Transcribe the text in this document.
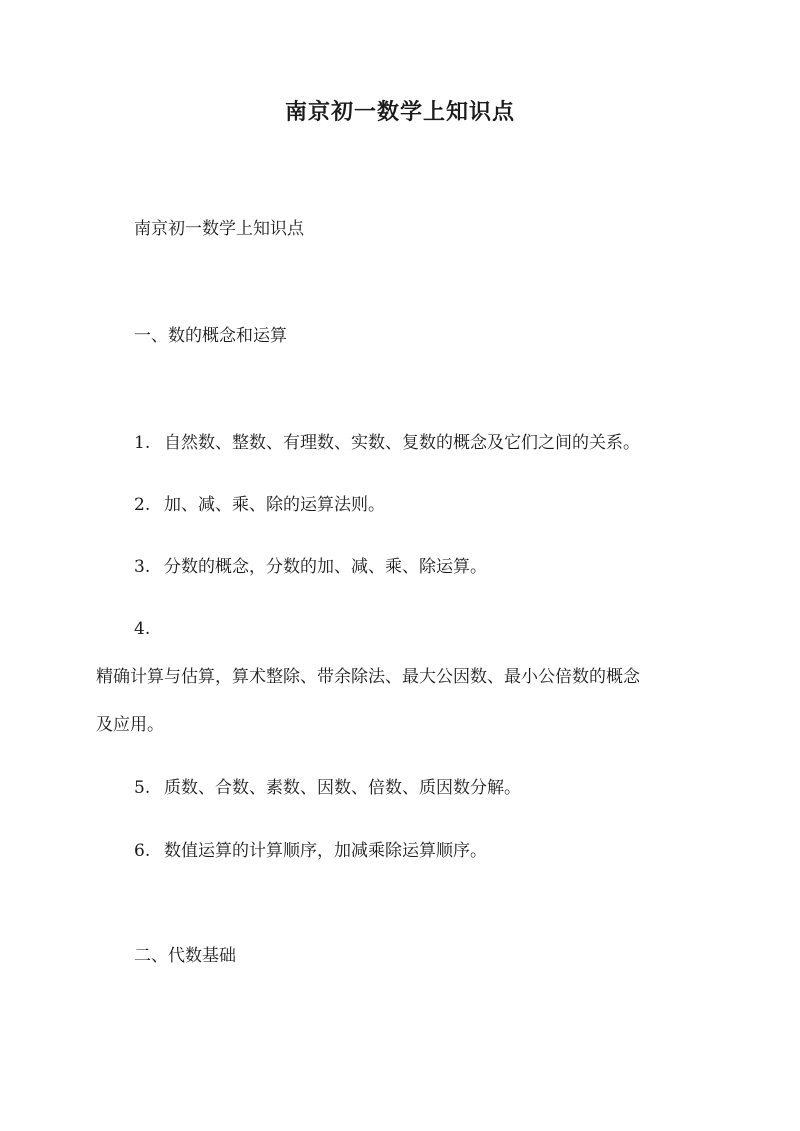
南京初一数学上知识点
南京初一数学上知识点
一、数的概念和运算
1. 自然数、整数、有理数、实数、复数的概念及它们之间的关系。
2. 加、减、乘、除的运算法则。
3. 分数的概念，分数的加、减、乘、除运算。
4.
精确计算与估算，算术整除、带余除法、最大公因数、最小公倍数的概念
及应用。
5. 质数、合数、素数、因数、倍数、质因数分解。
6. 数值运算的计算顺序，加减乘除运算顺序。
二、代数基础
